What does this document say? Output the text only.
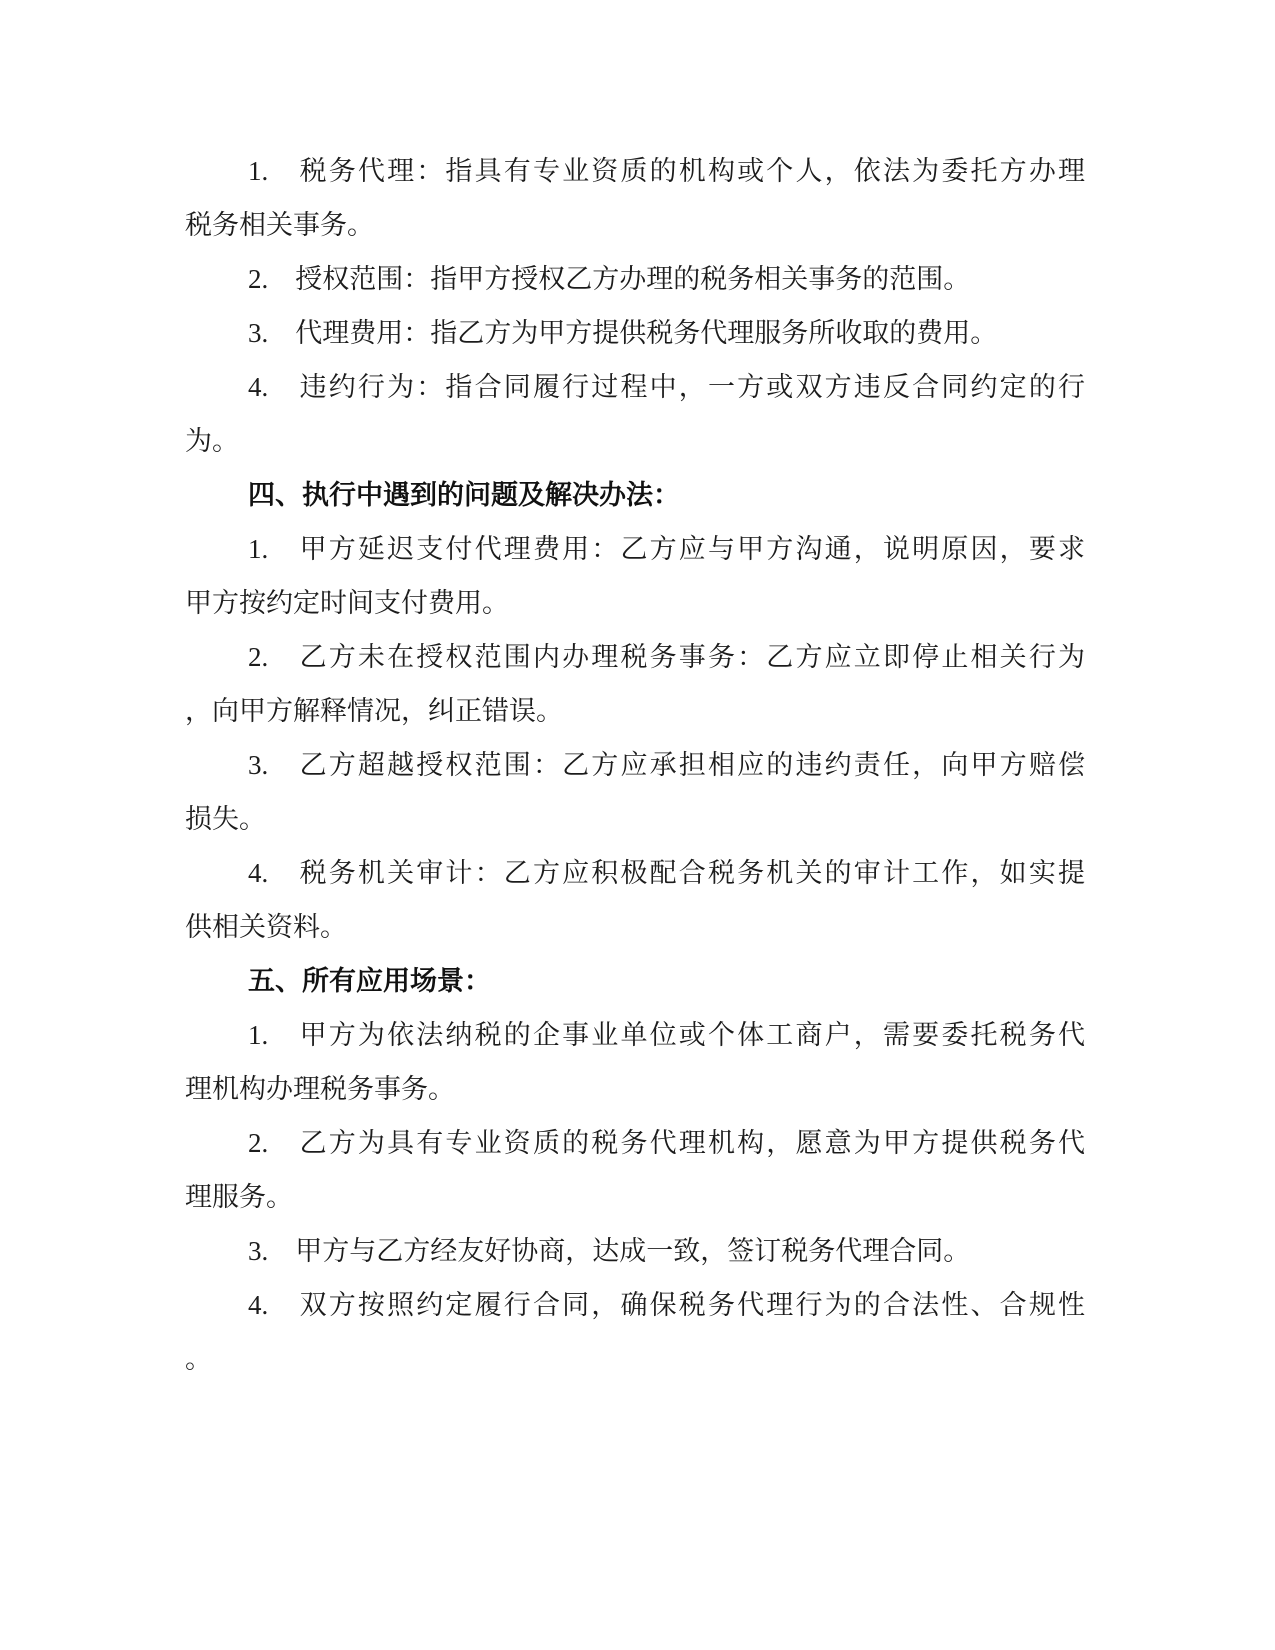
1.　税务代理：指具有专业资质的机构或个人，依法为委托方办理
税务相关事务。
2.　授权范围：指甲方授权乙方办理的税务相关事务的范围。
3.　代理费用：指乙方为甲方提供税务代理服务所收取的费用。
4.　违约行为：指合同履行过程中，一方或双方违反合同约定的行
为。
四、执行中遇到的问题及解决办法：
1.　甲方延迟支付代理费用：乙方应与甲方沟通，说明原因，要求
甲方按约定时间支付费用。
2.　乙方未在授权范围内办理税务事务：乙方应立即停止相关行为
，向甲方解释情况，纠正错误。
3.　乙方超越授权范围：乙方应承担相应的违约责任，向甲方赔偿
损失。
4.　税务机关审计：乙方应积极配合税务机关的审计工作，如实提
供相关资料。
五、所有应用场景：
1.　甲方为依法纳税的企事业单位或个体工商户，需要委托税务代
理机构办理税务事务。
2.　乙方为具有专业资质的税务代理机构，愿意为甲方提供税务代
理服务。
3.　甲方与乙方经友好协商，达成一致，签订税务代理合同。
4.　双方按照约定履行合同，确保税务代理行为的合法性、合规性
。
